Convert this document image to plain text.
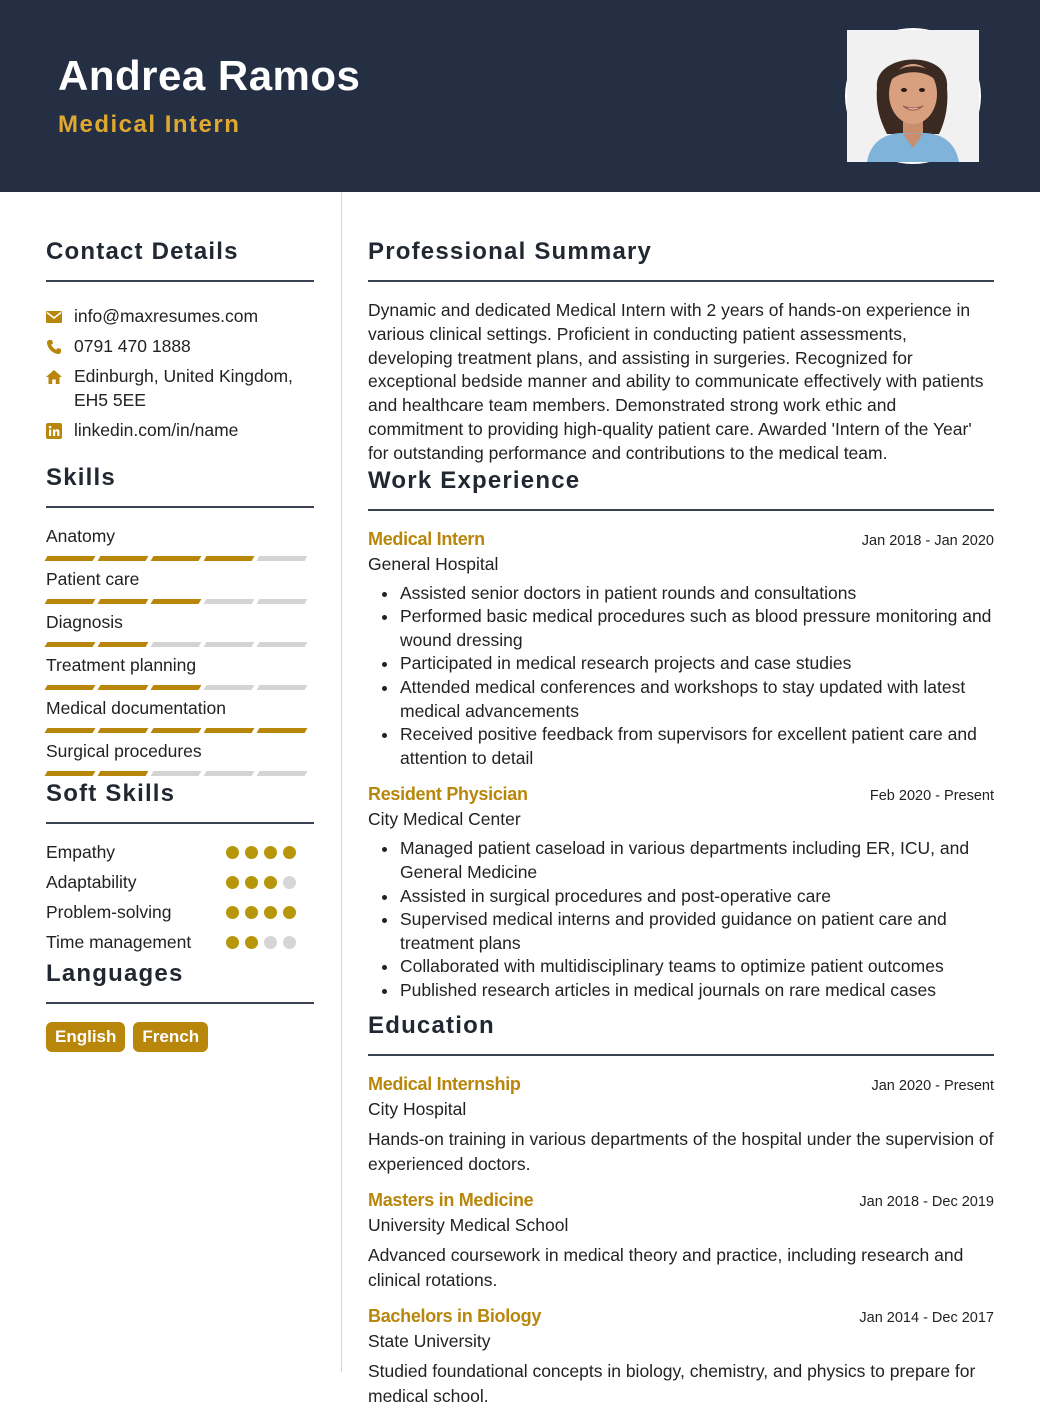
Andrea Ramos
Medical Intern
Contact Details
info@maxresumes.com
0791 470 1888
Edinburgh, United Kingdom, EH5 5EE
linkedin.com/in/name
Skills
Anatomy
Patient care
Diagnosis
Treatment planning
Medical documentation
Surgical procedures
Soft Skills
Empathy
Adaptability
Problem-solving
Time management
Languages
English	French
Professional Summary
Dynamic and dedicated Medical Intern with 2 years of hands-on experience in various clinical settings. Proficient in conducting patient assessments, developing treatment plans, and assisting in surgeries. Recognized for exceptional bedside manner and ability to communicate effectively with patients and healthcare team members. Demonstrated strong work ethic and commitment to providing high-quality patient care. Awarded 'Intern of the Year' for outstanding performance and contributions to the medical team.
Work Experience
Medical Intern	Jan 2018 - Jan 2020
General Hospital
Assisted senior doctors in patient rounds and consultations
Performed basic medical procedures such as blood pressure monitoring and wound dressing
Participated in medical research projects and case studies
Attended medical conferences and workshops to stay updated with latest medical advancements
Received positive feedback from supervisors for excellent patient care and attention to detail
Resident Physician	Feb 2020 - Present
City Medical Center
Managed patient caseload in various departments including ER, ICU, and General Medicine
Assisted in surgical procedures and post-operative care
Supervised medical interns and provided guidance on patient care and treatment plans
Collaborated with multidisciplinary teams to optimize patient outcomes
Published research articles in medical journals on rare medical cases
Education
Medical Internship	Jan 2020 - Present
City Hospital
Hands-on training in various departments of the hospital under the supervision of experienced doctors.
Masters in Medicine	Jan 2018 - Dec 2019
University Medical School
Advanced coursework in medical theory and practice, including research and clinical rotations.
Bachelors in Biology	Jan 2014 - Dec 2017
State University
Studied foundational concepts in biology, chemistry, and physics to prepare for medical school.
